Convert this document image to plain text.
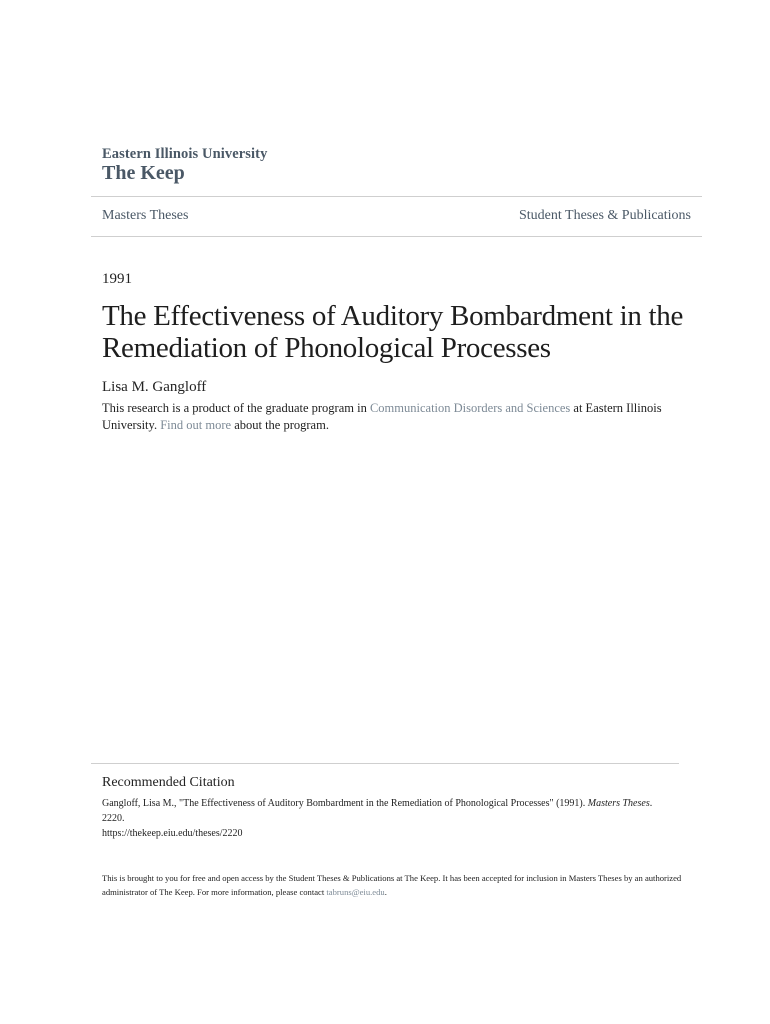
Eastern Illinois University
The Keep
Masters Theses	Student Theses & Publications
1991
The Effectiveness of Auditory Bombardment in the Remediation of Phonological Processes
Lisa M. Gangloff
This research is a product of the graduate program in Communication Disorders and Sciences at Eastern Illinois University. Find out more about the program.
Recommended Citation
Gangloff, Lisa M., "The Effectiveness of Auditory Bombardment in the Remediation of Phonological Processes" (1991). Masters Theses. 2220.
https://thekeep.eiu.edu/theses/2220
This is brought to you for free and open access by the Student Theses & Publications at The Keep. It has been accepted for inclusion in Masters Theses by an authorized administrator of The Keep. For more information, please contact tabruns@eiu.edu.
